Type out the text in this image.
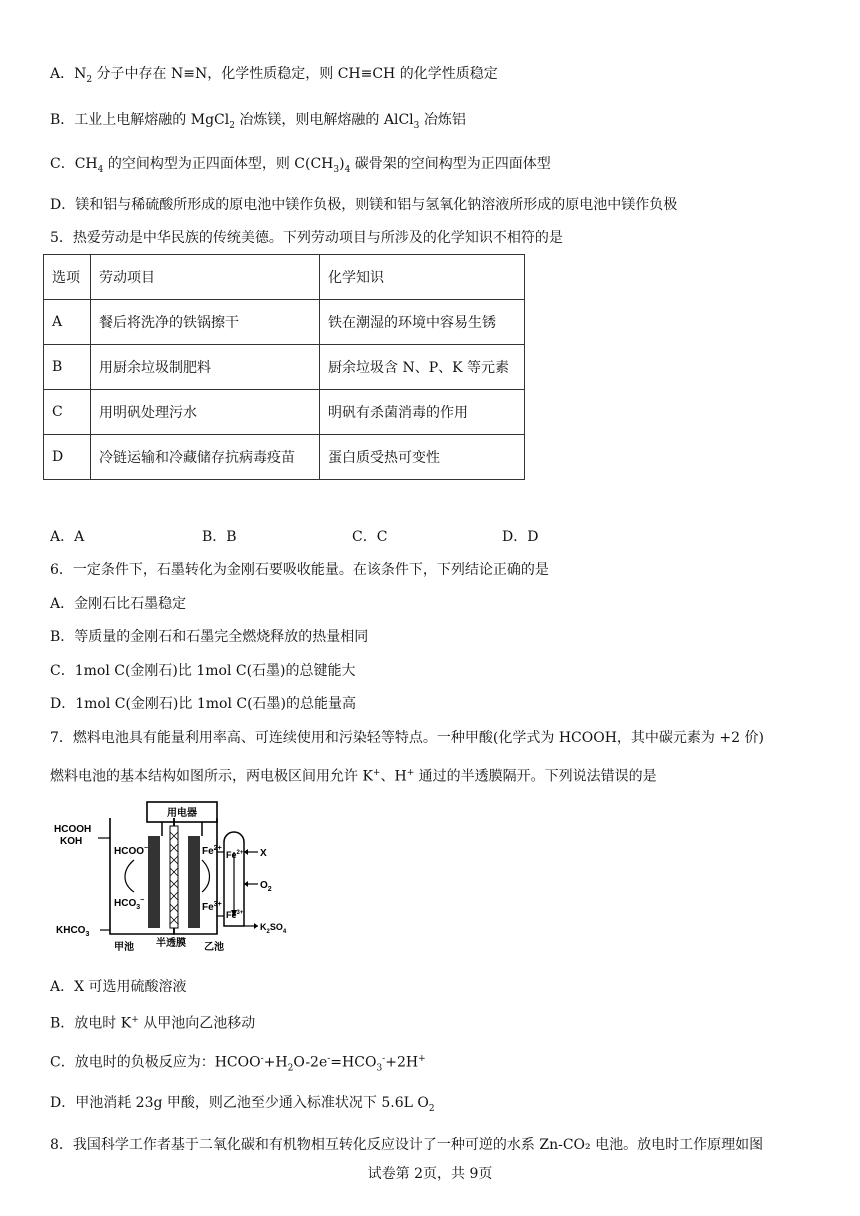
A．$N_2$ 分子中存在 N≡N，化学性质稳定，则 CH≡CH 的化学性质稳定
B．工业上电解熔融的 MgCl$_2$ 冶炼镁，则电解熔融的 AlCl$_3$ 冶炼铝
C．$CH_4$ 的空间构型为正四面体型，则 $C(CH_3)_4$ 碳骨架的空间构型为正四面体型
D．镁和铝与稀硫酸所形成的原电池中镁作负极，则镁和铝与氢氧化钠溶液所形成的原电池中镁作负极
5．热爱劳动是中华民族的传统美德。下列劳动项目与所涉及的化学知识不相符的是
选项	劳动项目	化学知识
A	餐后将洗净的铁锅擦干	铁在潮湿的环境中容易生锈
B	用厨余垃圾制肥料	厨余垃圾含 N、P、K 等元素
C	用明矾处理污水	明矾有杀菌消毒的作用
D	冷链运输和冷藏储存抗病毒疫苗	蛋白质受热可变性
A．A	B．B	C．C	D．D
6．一定条件下，石墨转化为金刚石要吸收能量。在该条件下，下列结论正确的是
A．金刚石比石墨稳定
B．等质量的金刚石和石墨完全燃烧释放的热量相同
C．1mol C(金刚石)比 1mol C(石墨)的总键能大
D．1mol C(金刚石)比 1mol C(石墨)的总能量高
7．燃料电池具有能量利用率高、可连续使用和污染轻等特点。一种甲酸(化学式为 HCOOH，其中碳元素为 +2 价)
燃料电池的基本结构如图所示，两电极区间用允许 K+、H+ 通过的半透膜隔开。下列说法错误的是
用电器
HCOOH
KOH
$KHCO_3$
HCOO−
$HCO_3^-$
$Fe^{2+}$
$Fe^{3+}$
$Fe^{2+}$
$Fe^{3+}$
X
$O_2$
$K_2SO_4$
甲池 半透膜 乙池
A．X 可选用硫酸溶液
B．放电时 K+ 从甲池向乙池移动
C．放电时的负极反应为：$HCOO^-+H_2O-2e^-=HCO_3^-+2H^+$
D．甲池消耗 23g 甲酸，则乙池至少通入标准状况下 5.6L $O_2$
8．我国科学工作者基于二氧化碳和有机物相互转化反应设计了一种可逆的水系 Zn-CO₂ 电池。放电时工作原理如图
试卷第 2页，共 9页
